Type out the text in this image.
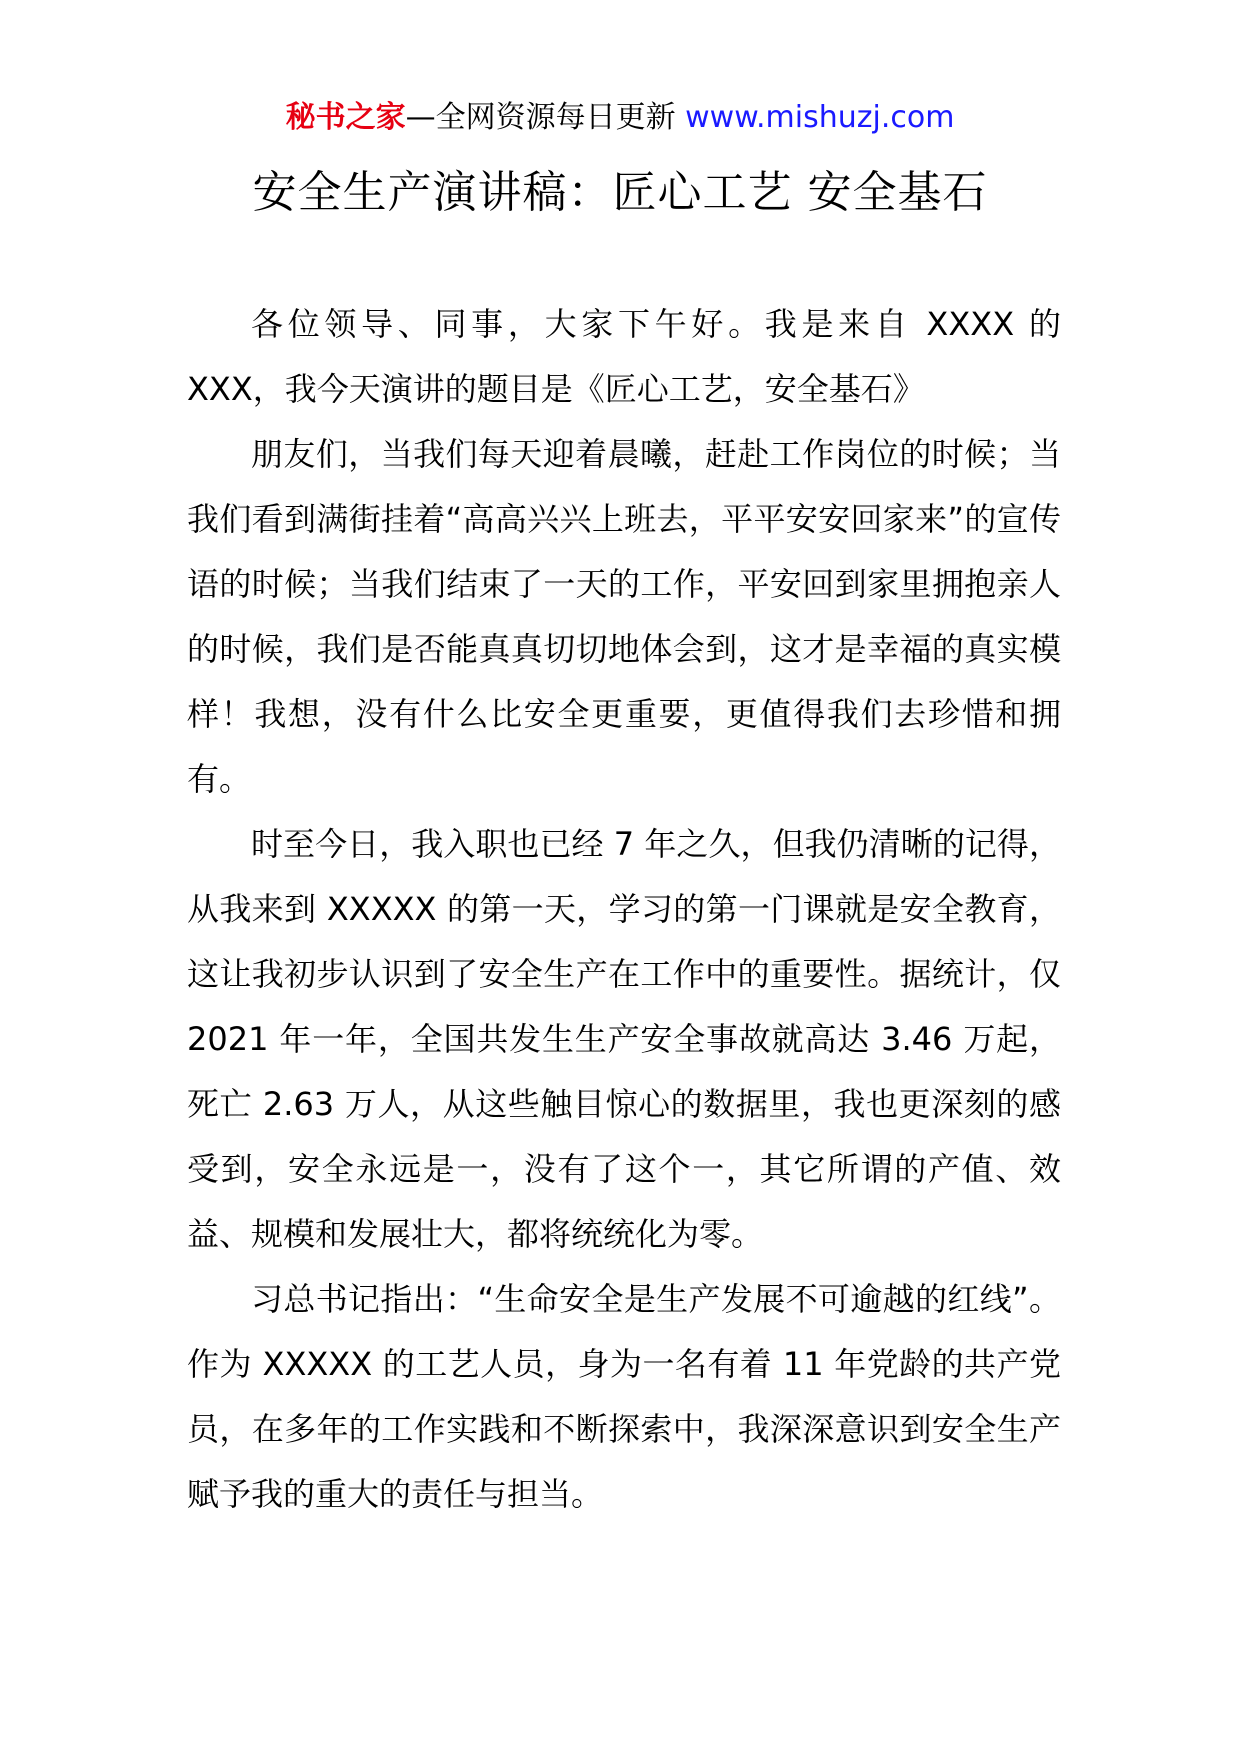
秘书之家—全网资源每日更新 www.mishuzj.com
安全生产演讲稿：匠心工艺 安全基石

各位领导、同事，大家下午好。我是来自 XXXX 的 XXX，我今天演讲的题目是《匠心工艺，安全基石》

朋友们，当我们每天迎着晨曦，赶赴工作岗位的时候；当我们看到满街挂着“高高兴兴上班去，平平安安回家来”的宣传语的时候；当我们结束了一天的工作，平安回到家里拥抱亲人的时候，我们是否能真真切切地体会到，这才是幸福的真实模样！我想，没有什么比安全更重要，更值得我们去珍惜和拥有。

时至今日，我入职也已经 7 年之久，但我仍清晰的记得，从我来到 XXXXX 的第一天，学习的第一门课就是安全教育，这让我初步认识到了安全生产在工作中的重要性。据统计，仅 2021 年一年，全国共发生生产安全事故就高达 3.46 万起，死亡 2.63 万人，从这些触目惊心的数据里，我也更深刻的感受到，安全永远是一，没有了这个一，其它所谓的产值、效益、规模和发展壮大，都将统统化为零。

习总书记指出：“生命安全是生产发展不可逾越的红线”。作为 XXXXX 的工艺人员，身为一名有着 11 年党龄的共产党员，在多年的工作实践和不断探索中，我深深意识到安全生产赋予我的重大的责任与担当。
